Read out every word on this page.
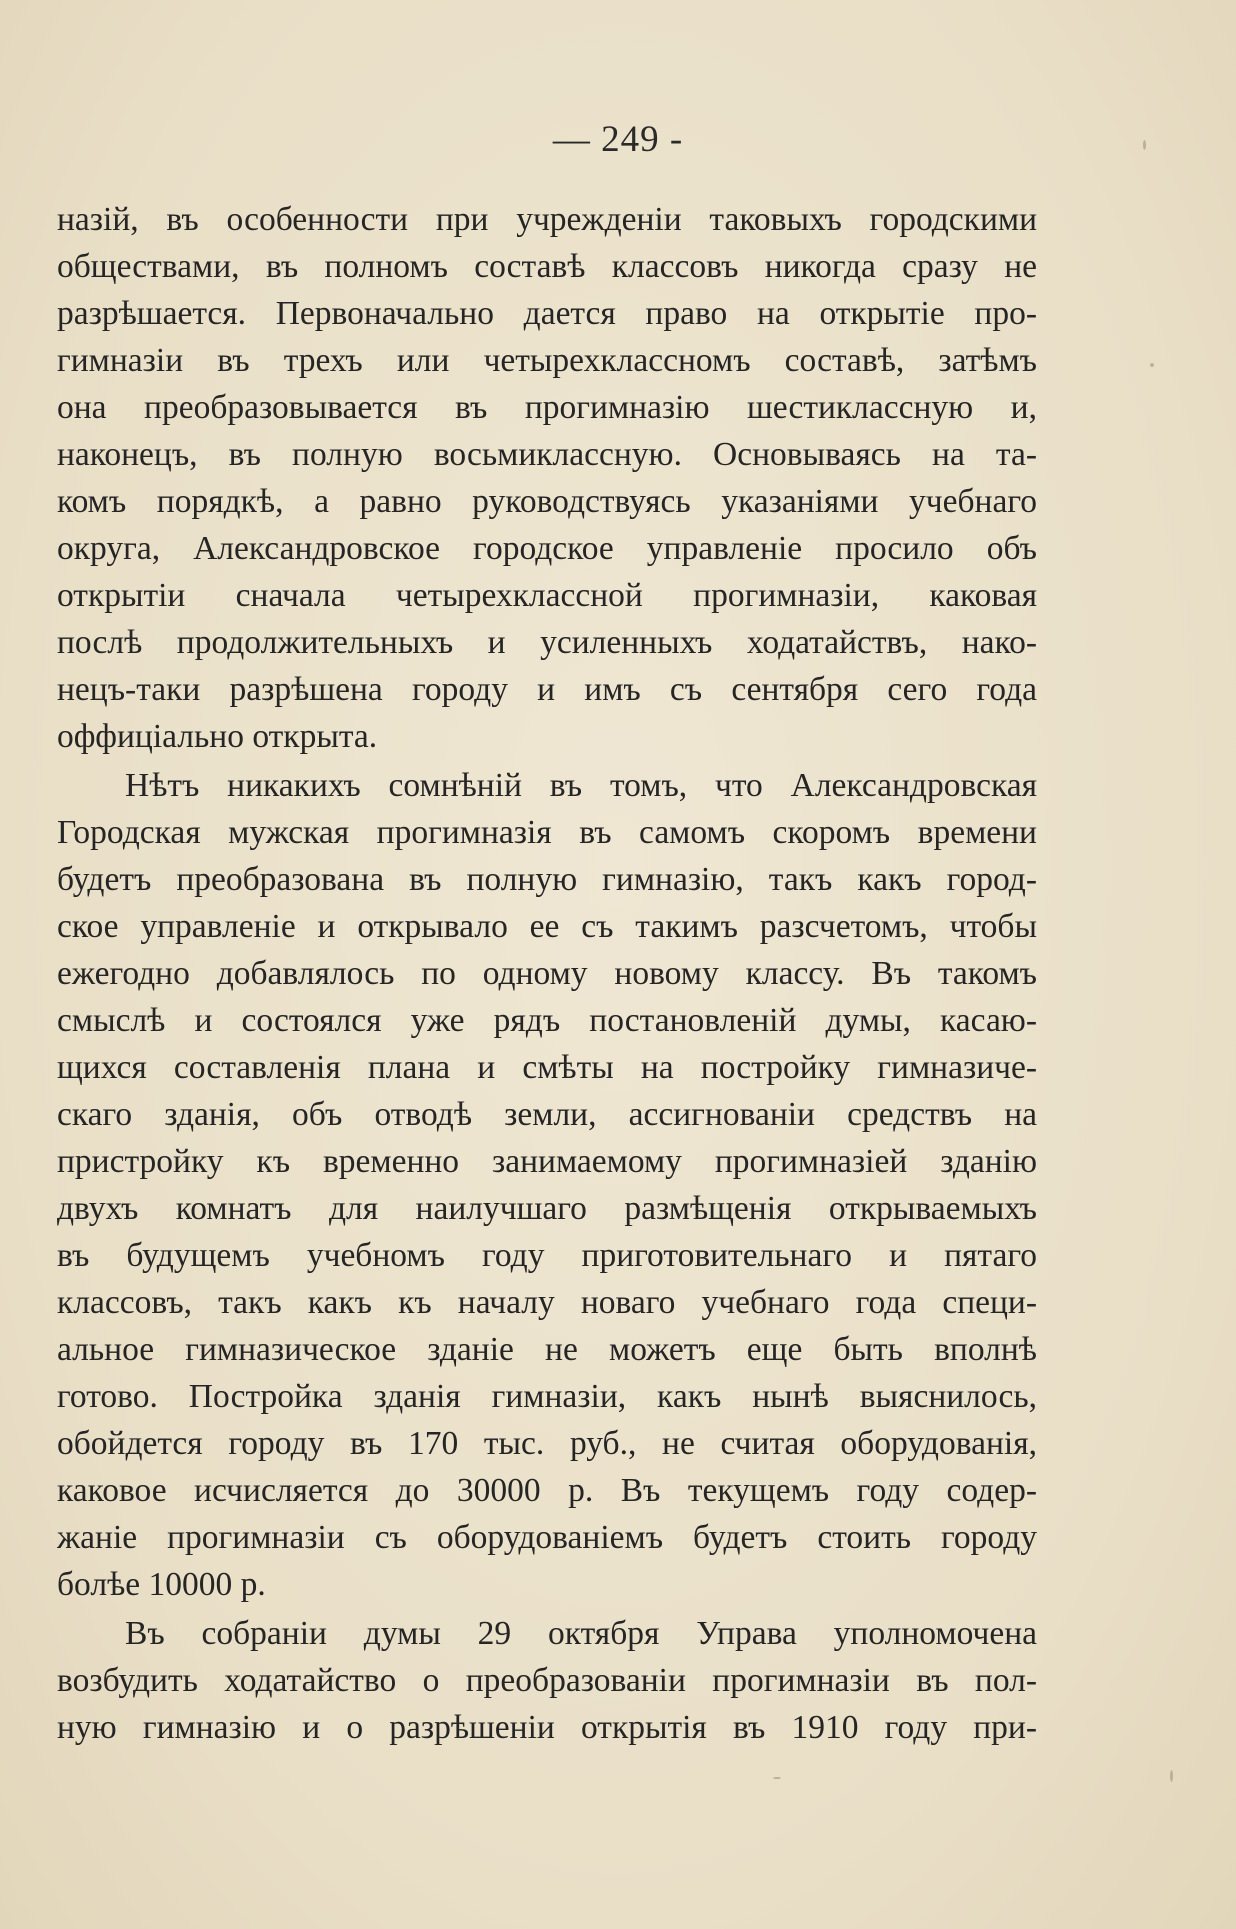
— 249 -
назій, въ особенности при учрежденіи таковыхъ городскими
обществами, въ полномъ составѣ классовъ никогда сразу не
разрѣшается. Первоначально дается право на открытіе про-
гимназіи въ трехъ или четырехклассномъ составѣ, затѣмъ
она преобразовывается въ прогимназію шестиклассную и,
наконецъ, въ полную восьмиклассную. Основываясь на та-
комъ порядкѣ, а равно руководствуясь указаніями учебнаго
округа, Александровское городское управленіе просило объ
открытіи сначала четырехклассной прогимназіи, каковая
послѣ продолжительныхъ и усиленныхъ ходатайствъ, нако-
нецъ-таки разрѣшена городу и имъ съ сентября сего года
оффиціально открыта.
Нѣтъ никакихъ сомнѣній въ томъ, что Александровская
Городская мужская прогимназія въ самомъ скоромъ времени
будетъ преобразована въ полную гимназію, такъ какъ город-
ское управленіе и открывало ее съ такимъ разсчетомъ, чтобы
ежегодно добавлялось по одному новому классу. Въ такомъ
смыслѣ и состоялся уже рядъ постановленій думы, касаю-
щихся составленія плана и смѣты на постройку гимназиче-
скаго зданія, объ отводѣ земли, ассигнованіи средствъ на
пристройку къ временно занимаемому прогимназіей зданію
двухъ комнатъ для наилучшаго размѣщенія открываемыхъ
въ будущемъ учебномъ году приготовительнаго и пятаго
классовъ, такъ какъ къ началу новаго учебнаго года специ-
альное гимназическое зданіе не можетъ еще быть вполнѣ
готово. Постройка зданія гимназіи, какъ нынѣ выяснилось,
обойдется городу въ 170 тыс. руб., не считая оборудованія,
каковое исчисляется до 30000 р. Въ текущемъ году содер-
жаніе прогимназіи съ оборудованіемъ будетъ стоить городу
болѣе 10000 р.
Въ собраніи думы 29 октября Управа уполномочена
возбудить ходатайство о преобразованіи прогимназіи въ пол-
ную гимназію и о разрѣшеніи открытія въ 1910 году при-
